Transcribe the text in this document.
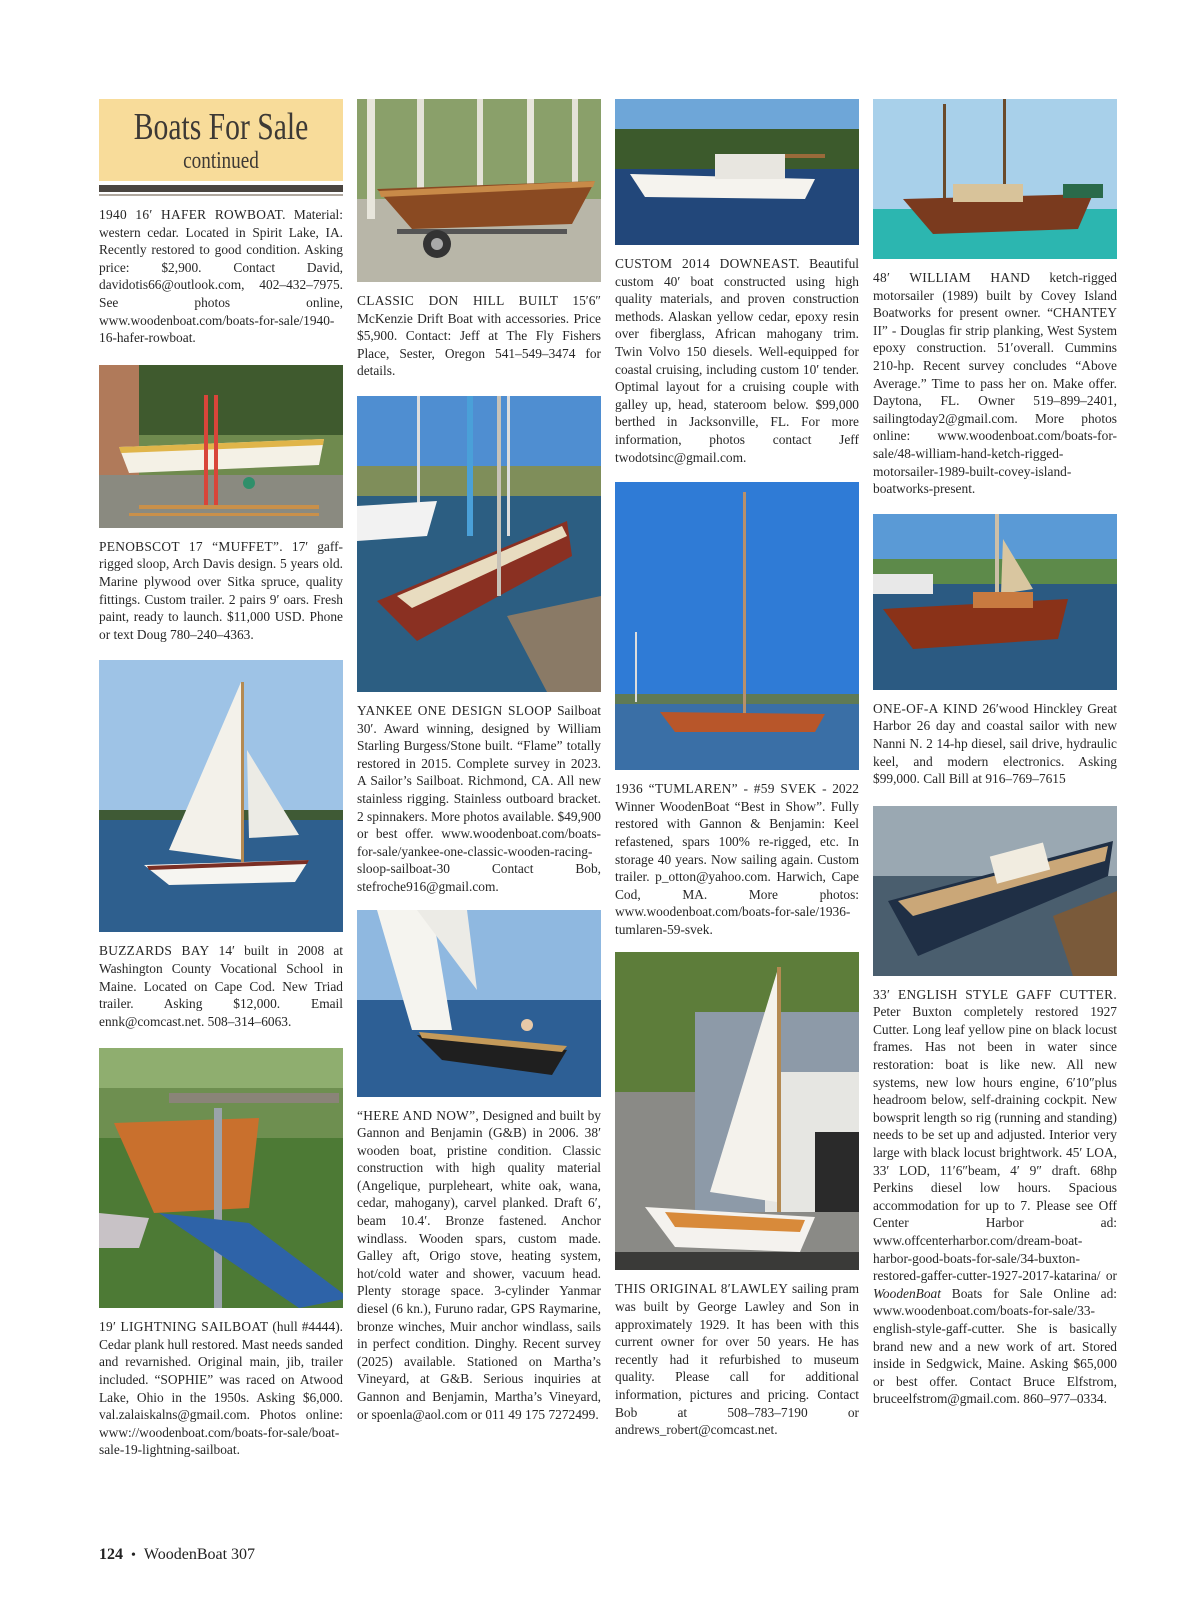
Boats For Sale
continued

1940 16′ HAFER ROWBOAT. Material: western cedar. Located in Spirit Lake, IA. Recently restored to good condition. Asking price: $2,900. Contact David, davidotis66@outlook.com, 402–432–7975. See photos online, www.woodenboat.com/boats-for-sale/1940-16-hafer-rowboat.

PENOBSCOT 17 “MUFFET”. 17′ gaff-rigged sloop, Arch Davis design. 5 years old. Marine plywood over Sitka spruce, quality fittings. Custom trailer. 2 pairs 9′ oars. Fresh paint, ready to launch. $11,000 USD. Phone or text Doug 780–240–4363.

BUZZARDS BAY 14′ built in 2008 at Washington County Vocational School in Maine. Located on Cape Cod. New Triad trailer. Asking $12,000. Email ennk@comcast.net. 508–314–6063.

19′ LIGHTNING SAILBOAT (hull #4444). Cedar plank hull restored. Mast needs sanded and revarnished. Original main, jib, trailer included. “SOPHIE” was raced on Atwood Lake, Ohio in the 1950s. Asking $6,000. val.zalaiskalns@gmail.com. Photos online: www://woodenboat.com/boats-for-sale/boat-sale-19-lightning-sailboat.

CLASSIC DON HILL BUILT 15′6″ McKenzie Drift Boat with accessories. Price $5,900. Contact: Jeff at The Fly Fishers Place, Sester, Oregon 541–549–3474 for details.

YANKEE ONE DESIGN SLOOP Sailboat 30′. Award winning, designed by William Starling Burgess/Stone built. “Flame” totally restored in 2015. Complete survey in 2023. A Sailor’s Sailboat. Richmond, CA. All new stainless rigging. Stainless outboard bracket. 2 spinnakers. More photos available. $49,900 or best offer. www.woodenboat.com/boats-for-sale/yankee-one-classic-wooden-racing-sloop-sailboat-30 Contact Bob, stefroche916@gmail.com.

“HERE AND NOW”, Designed and built by Gannon and Benjamin (G&B) in 2006. 38′ wooden boat, pristine condition. Classic construction with high quality material (Angelique, purpleheart, white oak, wana, cedar, mahogany), carvel planked. Draft 6′, beam 10.4′. Bronze fastened. Anchor windlass. Wooden spars, custom made. Galley aft, Origo stove, heating system, hot/cold water and shower, vacuum head. Plenty storage space. 3-cylinder Yanmar diesel (6 kn.), Furuno radar, GPS Raymarine, bronze winches, Muir anchor windlass, sails in perfect condition. Dinghy. Recent survey (2025) available. Stationed on Martha’s Vineyard, at G&B. Serious inquiries at Gannon and Benjamin, Martha’s Vineyard, or spoenla@aol.com or 011 49 175 7272499.

CUSTOM 2014 DOWNEAST. Beautiful custom 40′ boat constructed using high quality materials, and proven construction methods. Alaskan yellow cedar, epoxy resin over fiberglass, African mahogany trim. Twin Volvo 150 diesels. Well-equipped for coastal cruising, including custom 10′ tender. Optimal layout for a cruising couple with galley up, head, stateroom below. $99,000 berthed in Jacksonville, FL. For more information, photos contact Jeff twodotsinc@gmail.com.

1936 “TUMLAREN” - #59 SVEK - 2022 Winner WoodenBoat “Best in Show”. Fully restored with Gannon & Benjamin: Keel refastened, spars 100% re-rigged, etc. In storage 40 years. Now sailing again. Custom trailer. p_otton@yahoo.com. Harwich, Cape Cod, MA. More photos: www.woodenboat.com/boats-for-sale/1936-tumlaren-59-svek.

THIS ORIGINAL 8′LAWLEY sailing pram was built by George Lawley and Son in approximately 1929. It has been with this current owner for over 50 years. He has recently had it refurbished to museum quality. Please call for additional information, pictures and pricing. Contact Bob at 508–783–7190 or andrews_robert@comcast.net.

48′ WILLIAM HAND ketch-rigged motorsailer (1989) built by Covey Island Boatworks for present owner. “CHANTEY II” - Douglas fir strip planking, West System epoxy construction. 51′overall. Cummins 210-hp. Recent survey concludes “Above Average.” Time to pass her on. Make offer. Daytona, FL. Owner 519–899–2401, sailingtoday2@gmail.com. More photos online: www.woodenboat.com/boats-for-sale/48-william-hand-ketch-rigged-motorsailer-1989-built-covey-island-boatworks-present.

ONE-OF-A KIND 26′wood Hinckley Great Harbor 26 day and coastal sailor with new Nanni N. 2 14-hp diesel, sail drive, hydraulic keel, and modern electronics. Asking $99,000. Call Bill at 916–769–7615

33′ ENGLISH STYLE GAFF CUTTER. Peter Buxton completely restored 1927 Cutter. Long leaf yellow pine on black locust frames. Has not been in water since restoration: boat is like new. All new systems, new low hours engine, 6′10″plus headroom below, self-draining cockpit. New bowsprit length so rig (running and standing) needs to be set up and adjusted. Interior very large with black locust brightwork. 45′ LOA, 33′ LOD, 11′6″beam, 4′ 9″ draft. 68hp Perkins diesel low hours. Spacious accommodation for up to 7. Please see Off Center Harbor ad: www.offcenterharbor.com/dream-boat-harbor-good-boats-for-sale/34-buxton-restored-gaffer-cutter-1927-2017-katarina/ or WoodenBoat Boats for Sale Online ad: www.woodenboat.com/boats-for-sale/33-english-style-gaff-cutter. She is basically brand new and a new work of art. Stored inside in Sedgwick, Maine. Asking $65,000 or best offer. Contact Bruce Elfstrom, bruceelfstrom@gmail.com. 860–977–0334.

124 • WoodenBoat 307
